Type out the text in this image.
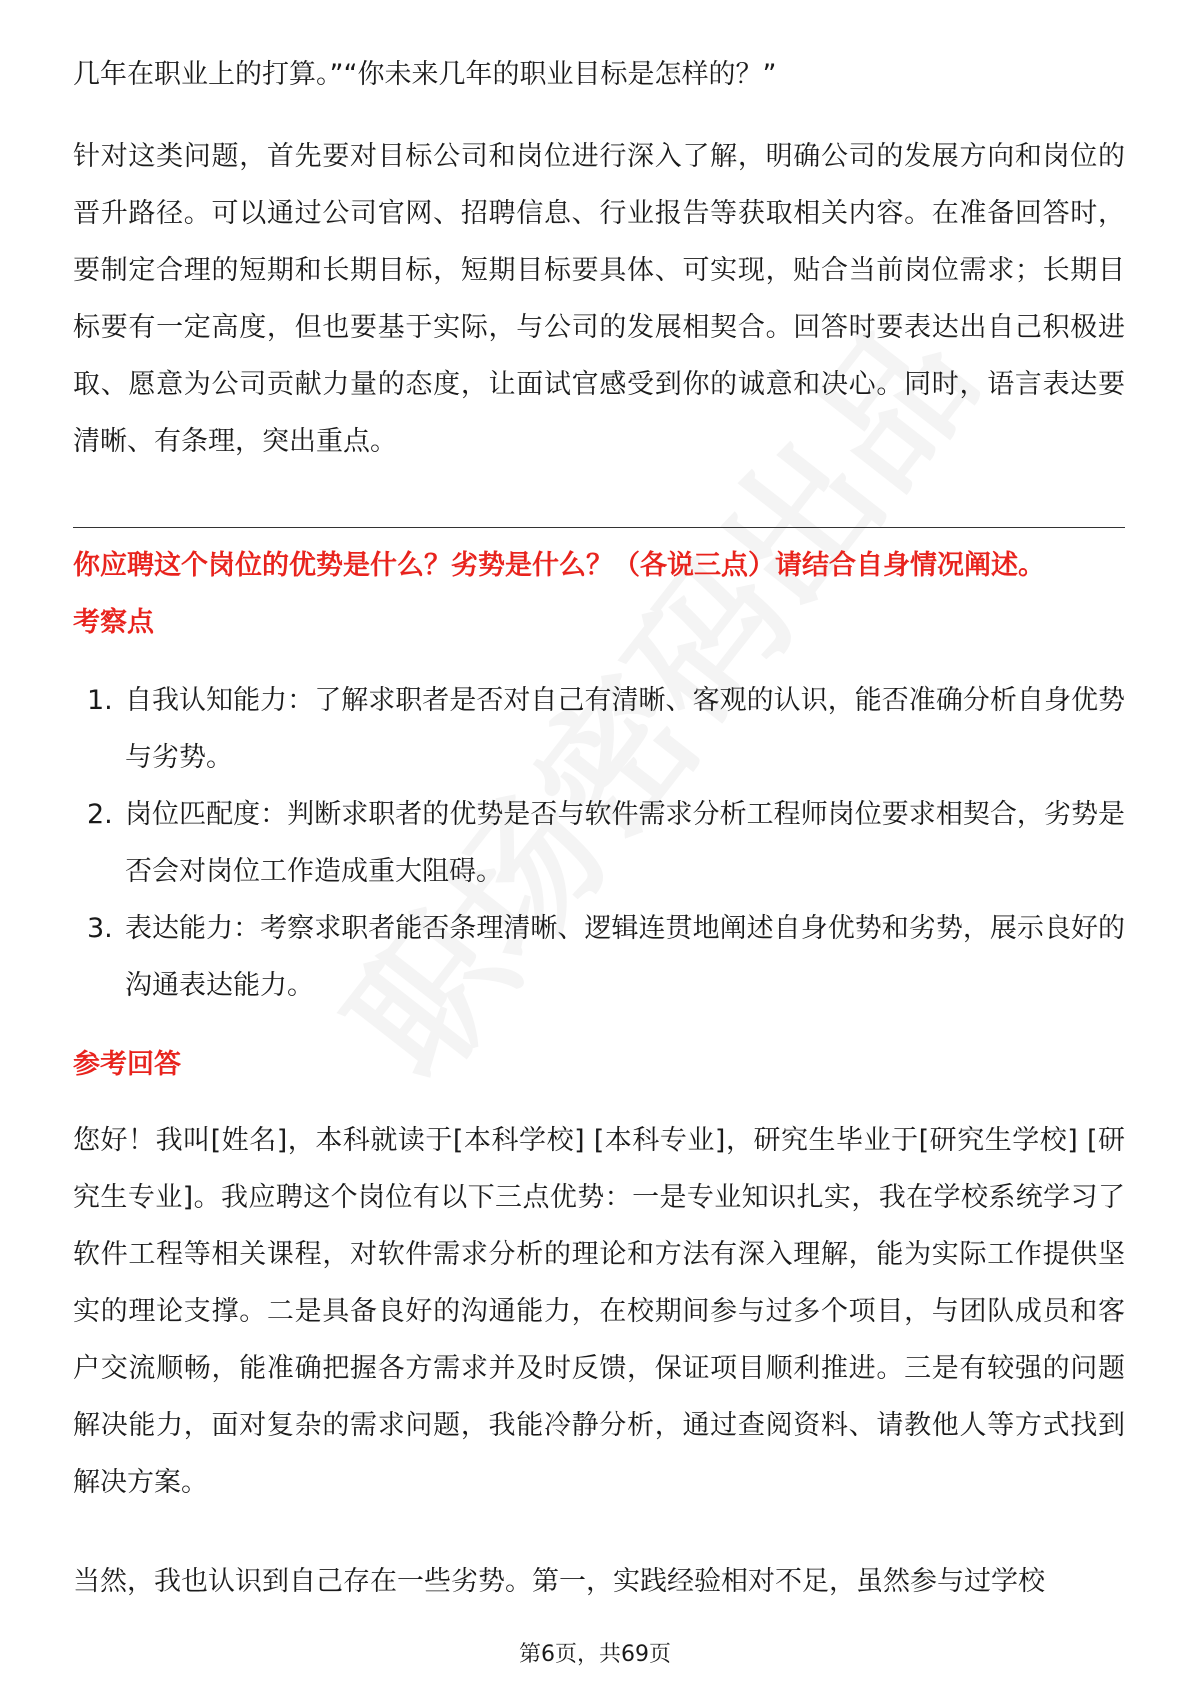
几年在职业上的打算。”“你未来几年的职业目标是怎样的？”

针对这类问题，首先要对目标公司和岗位进行深入了解，明确公司的发展方向和岗位的晋升路径。可以通过公司官网、招聘信息、行业报告等获取相关内容。在准备回答时，要制定合理的短期和长期目标，短期目标要具体、可实现，贴合当前岗位需求；长期目标要有一定高度，但也要基于实际，与公司的发展相契合。回答时要表达出自己积极进取、愿意为公司贡献力量的态度，让面试官感受到你的诚意和决心。同时，语言表达要清晰、有条理，突出重点。

你应聘这个岗位的优势是什么？劣势是什么？（各说三点）请结合自身情况阐述。
考察点
1. 自我认知能力：了解求职者是否对自己有清晰、客观的认识，能否准确分析自身优势与劣势。
2. 岗位匹配度：判断求职者的优势是否与软件需求分析工程师岗位要求相契合，劣势是否会对岗位工作造成重大阻碍。
3. 表达能力：考察求职者能否条理清晰、逻辑连贯地阐述自身优势和劣势，展示良好的沟通表达能力。
参考回答

您好！我叫[姓名]，本科就读于[本科学校] [本科专业]，研究生毕业于[研究生学校] [研究生专业]。我应聘这个岗位有以下三点优势：一是专业知识扎实，我在学校系统学习了软件工程等相关课程，对软件需求分析的理论和方法有深入理解，能为实际工作提供坚实的理论支撑。二是具备良好的沟通能力，在校期间参与过多个项目，与团队成员和客户交流顺畅，能准确把握各方需求并及时反馈，保证项目顺利推进。三是有较强的问题解决能力，面对复杂的需求问题，我能冷静分析，通过查阅资料、请教他人等方式找到解决方案。

当然，我也认识到自己存在一些劣势。第一，实践经验相对不足，虽然参与过学校

第6页，共69页
